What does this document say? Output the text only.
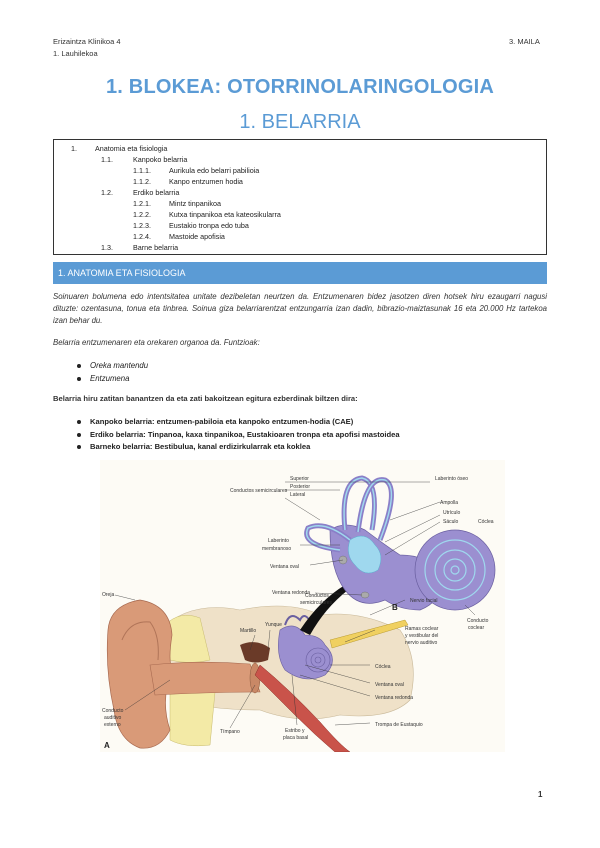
Erizaintza Klinikoa 4
1. Lauhilekoa
3. MAILA
1. BLOKEA: OTORRINOLARINGOLOGIA
1. BELARRIA
1.	Anatomia eta fisiologia
1.1.	Kanpoko belarria
1.1.1.	Aurikula edo belarri pabilioia
1.1.2.	Kanpo entzumen hodia
1.2.	Erdiko belarria
1.2.1.	Mintz tinpanikoa
1.2.2.	Kutxa tinpanikoa eta kateosikularra
1.2.3.	Eustakio tronpa edo tuba
1.2.4.	Mastoide apofisia
1.3.	Barne belarria
1. ANATOMIA ETA FISIOLOGIA
Soinuaren bolumena edo intentsitatea unitate dezibeletan neurtzen da. Entzumenaren bidez jasotzen diren hotsek hiru ezaugarri nagusi dituzte: ozentasuna, tonua eta tinbrea. Soinua giza belarriarentzat entzungarria izan dadin, bibrazio-maiztasunak 16 eta 20.000 Hz tartekoa izan behar du.
Belarria entzumenaren eta orekaren organoa da. Funtzioak:
Oreka mantendu
Entzumena
Belarria hiru zatitan banantzen da eta zati bakoitzean egitura ezberdinak biltzen dira:
Kanpoko belarria: entzumen-pabiloia eta kanpoko entzumen-hodia (CAE)
Erdiko belarria: Tinpanoa, kaxa tinpanikoa, Eustakioaren tronpa eta apofisi mastoidea
Barneko belarria: Bestibulua, kanal erdizirkularrak eta koklea
Conductos semicirculares
Superior
Posterior
Lateral
Laberinto óseo
Ampolla
Utrículo
Sáculo	Cóclea
Laberinto
membranoso
Ventana oval
Ventana redonda
Conducto
coclear
B
Oreja
Martillo
Yunque
Conductos
semicirculares	Nervio facial
Ramas coclear
y vestibular del
nervio auditivo
Cóclea
Ventana oval
Ventana redonda
Trompa de Eustaquio
Conducto
auditivo
externo
Tímpano	Estribo y
placa basal
A
1
